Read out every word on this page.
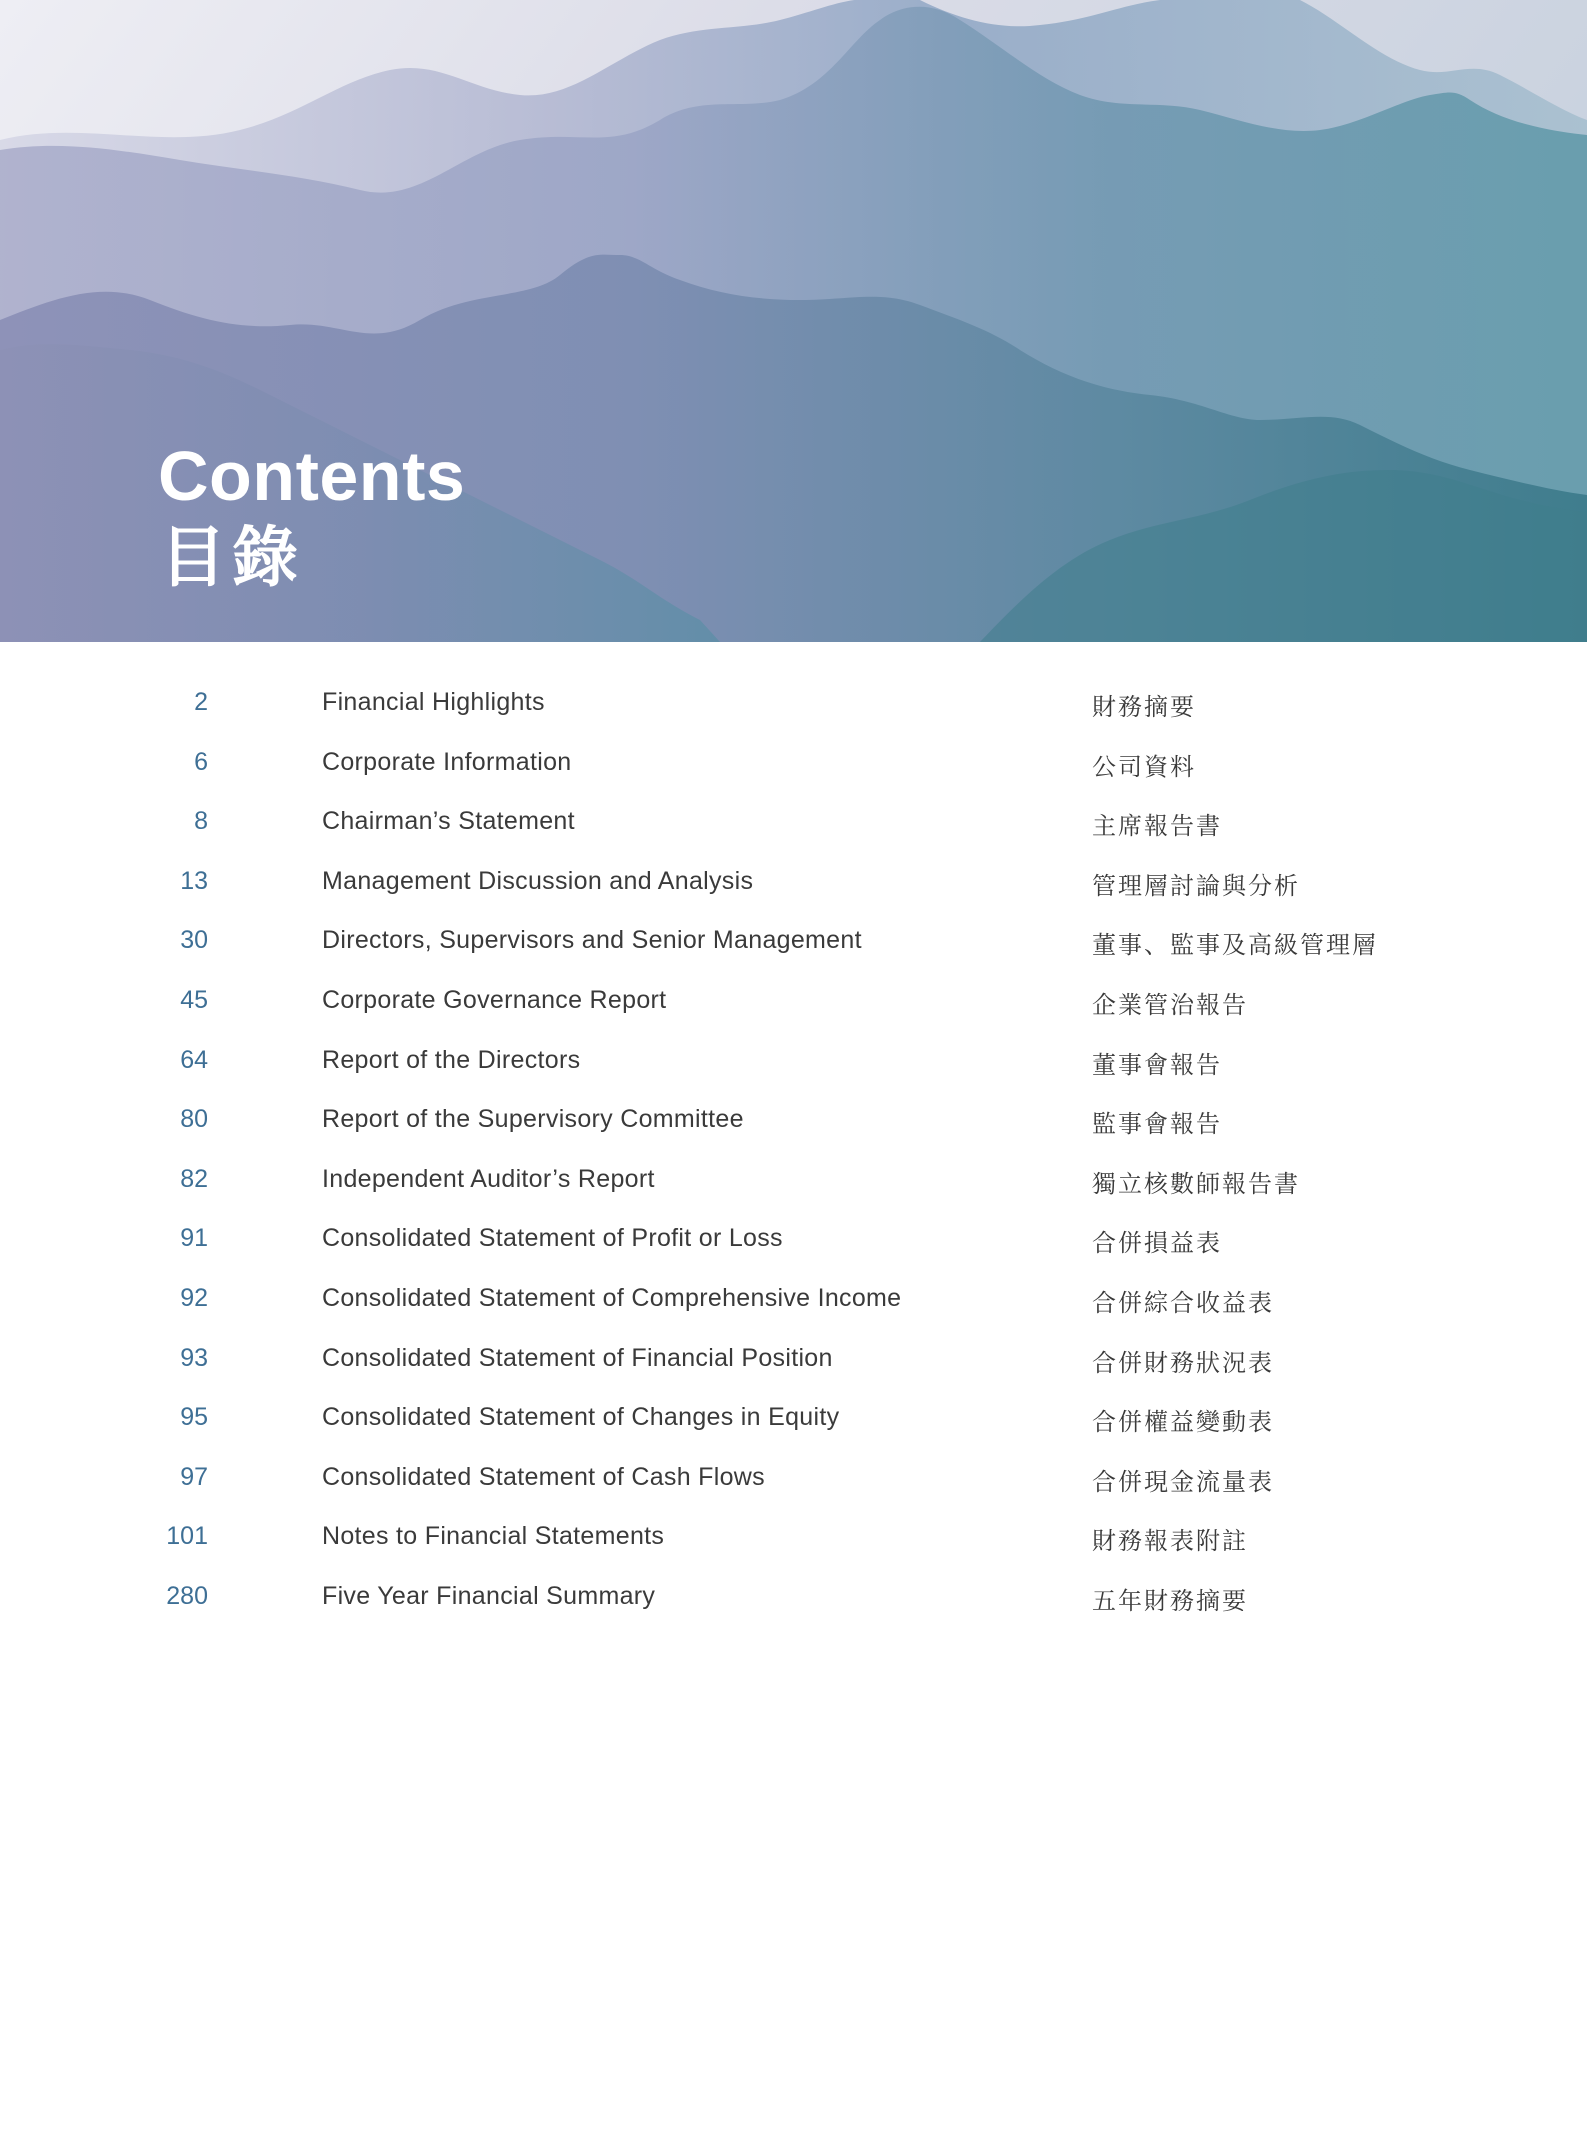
Contents
目錄
2	Financial Highlights	財務摘要
6	Corporate Information	公司資料
8	Chairman’s Statement	主席報告書
13	Management Discussion and Analysis	管理層討論與分析
30	Directors, Supervisors and Senior Management	董事、監事及高級管理層
45	Corporate Governance Report	企業管治報告
64	Report of the Directors	董事會報告
80	Report of the Supervisory Committee	監事會報告
82	Independent Auditor’s Report	獨立核數師報告書
91	Consolidated Statement of Profit or Loss	合併損益表
92	Consolidated Statement of Comprehensive Income	合併綜合收益表
93	Consolidated Statement of Financial Position	合併財務狀況表
95	Consolidated Statement of Changes in Equity	合併權益變動表
97	Consolidated Statement of Cash Flows	合併現金流量表
101	Notes to Financial Statements	財務報表附註
280	Five Year Financial Summary	五年財務摘要
